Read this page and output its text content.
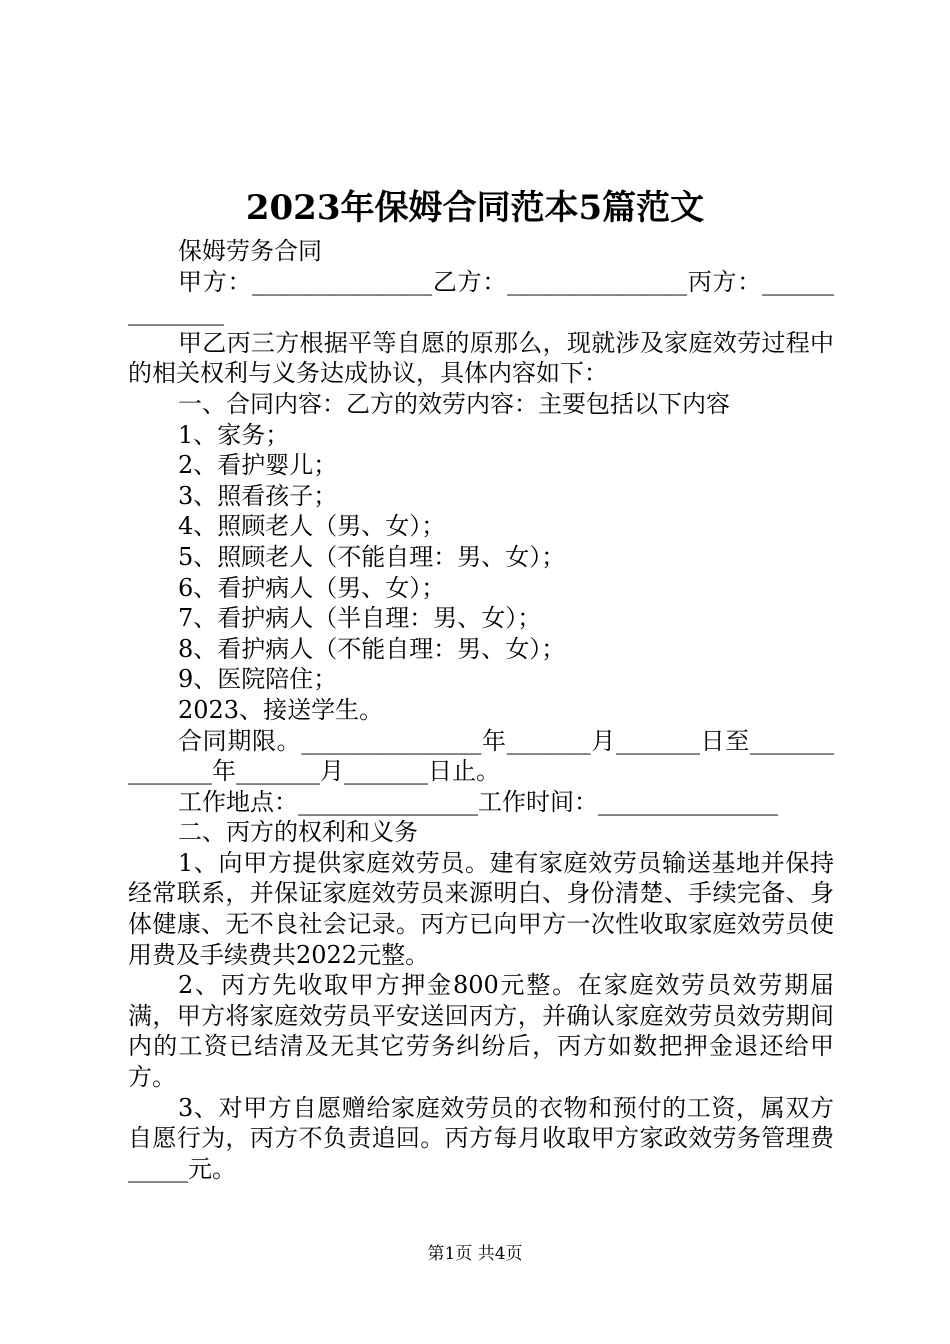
2023年保姆合同范本5篇范文

保姆劳务合同

甲方：_______________乙方：_______________丙方：______________

甲乙丙三方根据平等自愿的原那么，现就涉及家庭效劳过程中的相关权利与义务达成协议，具体内容如下：

一、合同内容：乙方的效劳内容：主要包括以下内容

1、家务；

2、看护婴儿；

3、照看孩子；

4、照顾老人（男、女）；

5、照顾老人（不能自理：男、女）；

6、看护病人（男、女）；

7、看护病人（半自理：男、女）；

8、看护病人（不能自理：男、女）；

9、医院陪住；

2023、接送学生。

合同期限。_______________年_______月_______日至______________年_______月_______日止。

工作地点：_______________工作时间：_______________

二、丙方的权利和义务

1、向甲方提供家庭效劳员。建有家庭效劳员输送基地并保持经常联系，并保证家庭效劳员来源明白、身份清楚、手续完备、身体健康、无不良社会记录。丙方已向甲方一次性收取家庭效劳员使用费及手续费共2022元整。

2、丙方先收取甲方押金800元整。在家庭效劳员效劳期届满，甲方将家庭效劳员平安送回丙方，并确认家庭效劳员效劳期间内的工资已结清及无其它劳务纠纷后，丙方如数把押金退还给甲方。

3、对甲方自愿赠给家庭效劳员的衣物和预付的工资，属双方自愿行为，丙方不负责追回。丙方每月收取甲方家政效劳务管理费_____元。

第1页 共4页
